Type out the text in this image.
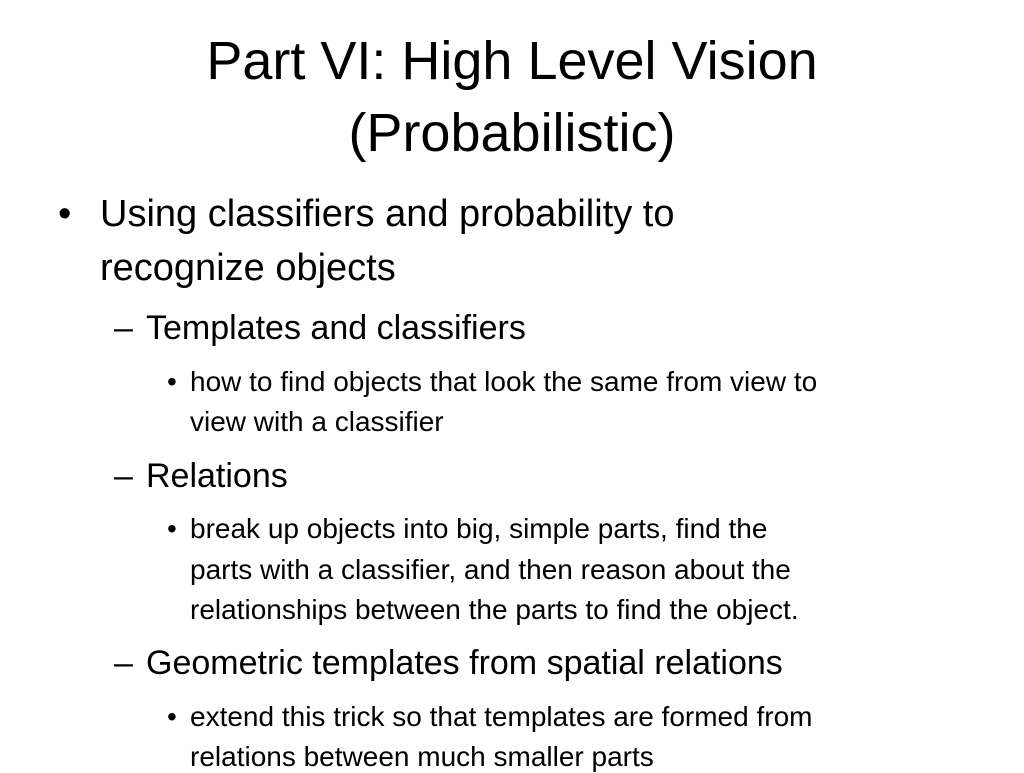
Part VI: High Level Vision
(Probabilistic)
• Using classifiers and probability to
recognize objects
– Templates and classifiers
• how to find objects that look the same from view to
view with a classifier
– Relations
• break up objects into big, simple parts, find the
parts with a classifier, and then reason about the
relationships between the parts to find the object.
– Geometric templates from spatial relations
• extend this trick so that templates are formed from
relations between much smaller parts
